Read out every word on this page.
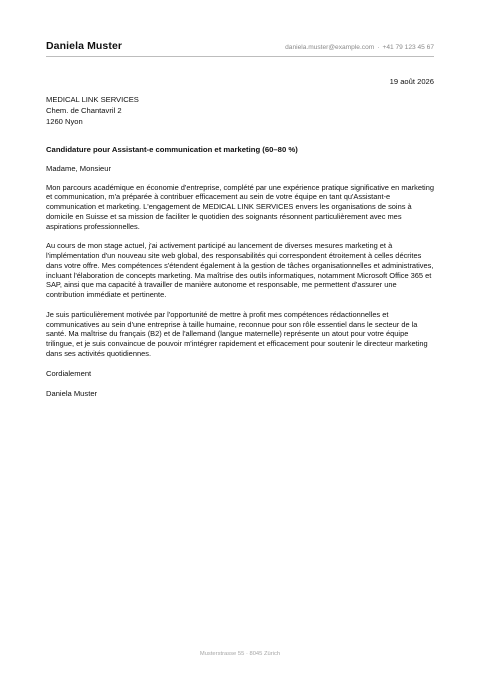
Daniela Muster	daniela.muster@example.com · +41 79 123 45 67
19 août 2026
MEDICAL LINK SERVICES
Chem. de Chantavril 2
1260 Nyon
Candidature pour Assistant-e communication et marketing (60–80 %)
Madame, Monsieur

Mon parcours académique en économie d'entreprise, complété par une expérience pratique significative en marketing et communication, m'a préparée à contribuer efficacement au sein de votre équipe en tant qu'Assistant-e communication et marketing. L'engagement de MEDICAL LINK SERVICES envers les organisations de soins à domicile en Suisse et sa mission de faciliter le quotidien des soignants résonnent particulièrement avec mes aspirations professionnelles.

Au cours de mon stage actuel, j'ai activement participé au lancement de diverses mesures marketing et à l'implémentation d'un nouveau site web global, des responsabilités qui correspondent étroitement à celles décrites dans votre offre. Mes compétences s'étendent également à la gestion de tâches organisationnelles et administratives, incluant l'élaboration de concepts marketing. Ma maîtrise des outils informatiques, notamment Microsoft Office 365 et SAP, ainsi que ma capacité à travailler de manière autonome et responsable, me permettent d'assurer une contribution immédiate et pertinente.

Je suis particulièrement motivée par l'opportunité de mettre à profit mes compétences rédactionnelles et communicatives au sein d'une entreprise à taille humaine, reconnue pour son rôle essentiel dans le secteur de la santé. Ma maîtrise du français (B2) et de l'allemand (langue maternelle) représente un atout pour votre équipe trilingue, et je suis convaincue de pouvoir m'intégrer rapidement et efficacement pour soutenir le directeur marketing dans ses activités quotidiennes.

Cordialement
Daniela Muster
Musterstrasse 55 · 8045 Zürich
